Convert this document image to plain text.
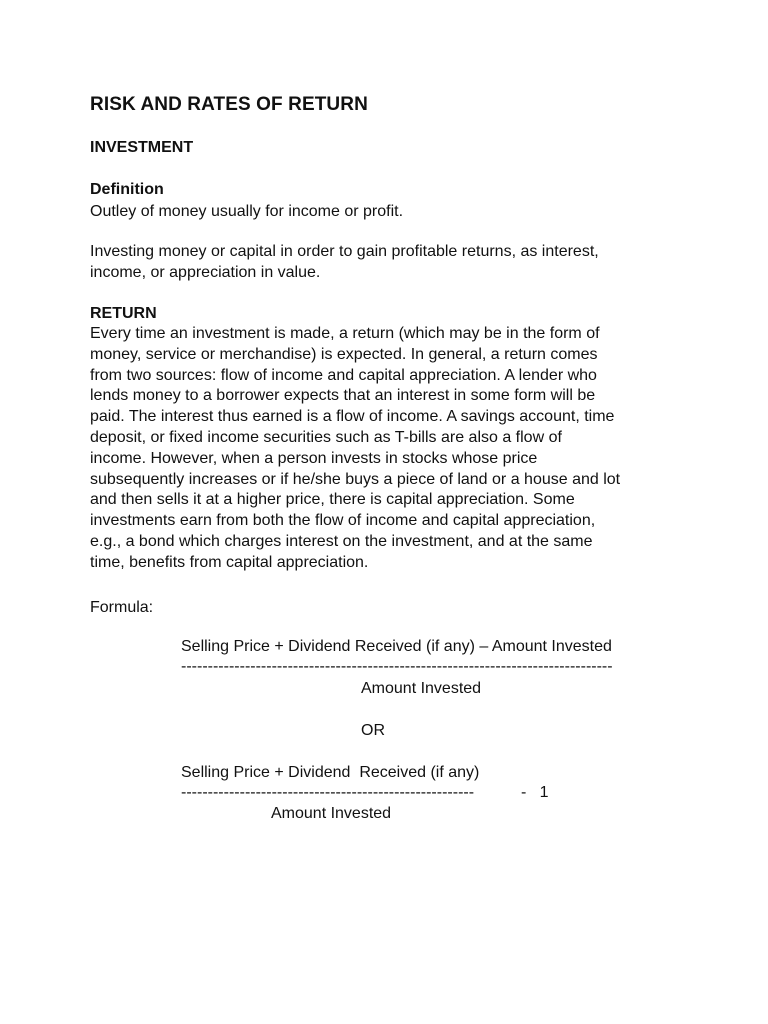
RISK AND RATES OF RETURN
INVESTMENT
Definition
Outley of money usually for income or profit.
Investing money or capital in order to gain profitable returns, as interest,
income, or appreciation in value.
RETURN
Every time an investment is made, a return (which may be in the form of
money, service or merchandise) is expected. In general, a return comes
from two sources: flow of income and capital appreciation. A lender who
lends money to a borrower expects that an interest in some form will be
paid. The interest thus earned is a flow of income. A savings account, time
deposit, or fixed income securities such as T-bills are also a flow of
income. However, when a person invests in stocks whose price
subsequently increases or if he/she buys a piece of land or a house and lot
and then sells it at a higher price, there is capital appreciation. Some
investments earn from both the flow of income and capital appreciation,
e.g., a bond which charges interest on the investment, and at the same
time, benefits from capital appreciation.
Formula:
Selling Price + Dividend Received (if any) – Amount Invested
---------------------------------------------------------------------------------
Amount Invested
OR
Selling Price + Dividend  Received (if any)
-------------------------------------------------------	-   1
Amount Invested
